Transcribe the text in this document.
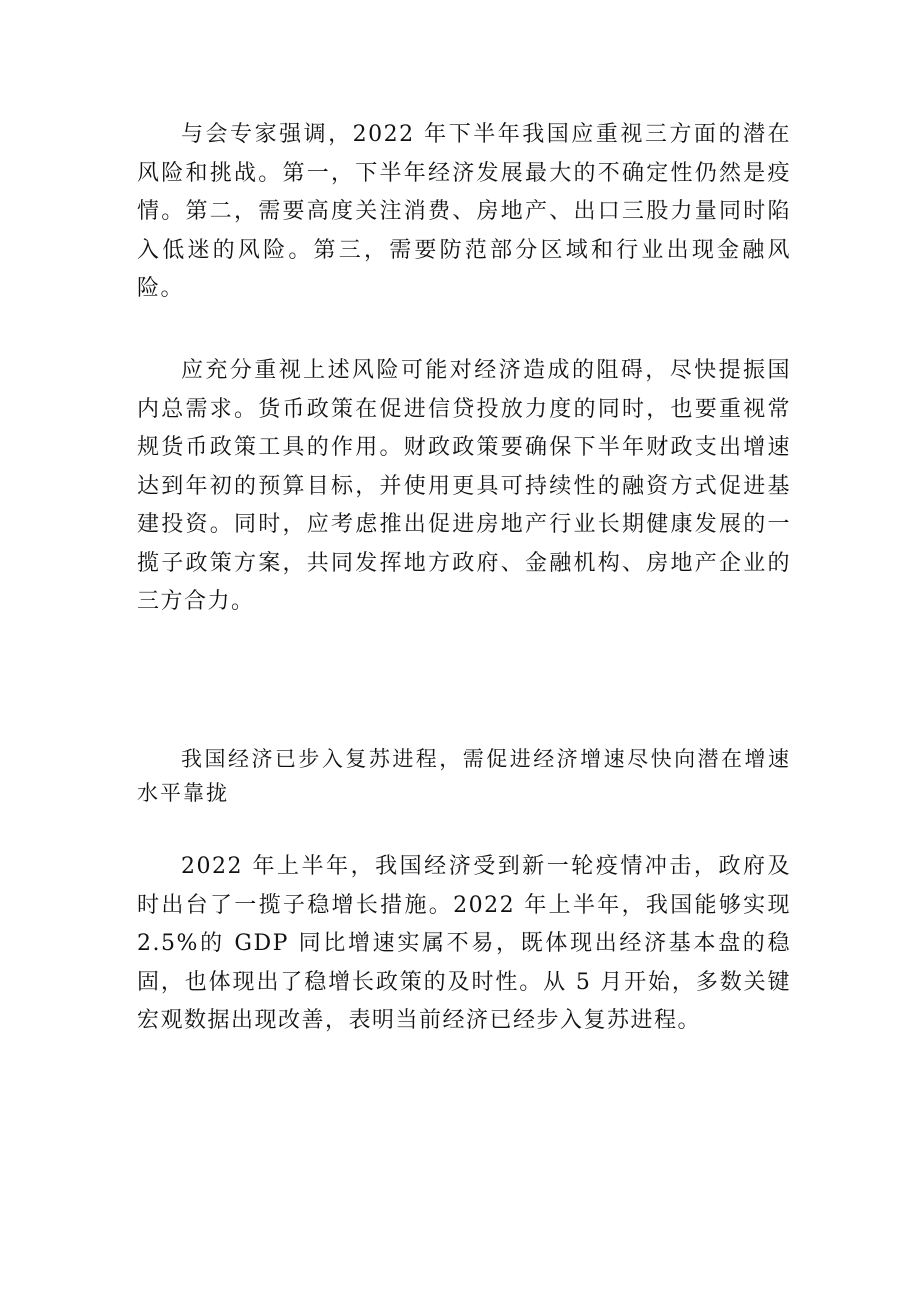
与会专家强调，2022 年下半年我国应重视三方面的潜在风险和挑战。第一，下半年经济发展最大的不确定性仍然是疫情。第二，需要高度关注消费、房地产、出口三股力量同时陷入低迷的风险。第三，需要防范部分区域和行业出现金融风险。

应充分重视上述风险可能对经济造成的阻碍，尽快提振国内总需求。货币政策在促进信贷投放力度的同时，也要重视常规货币政策工具的作用。财政政策要确保下半年财政支出增速达到年初的预算目标，并使用更具可持续性的融资方式促进基建投资。同时，应考虑推出促进房地产行业长期健康发展的一揽子政策方案，共同发挥地方政府、金融机构、房地产企业的三方合力。

我国经济已步入复苏进程，需促进经济增速尽快向潜在增速水平靠拢

2022 年上半年，我国经济受到新一轮疫情冲击，政府及时出台了一揽子稳增长措施。2022 年上半年，我国能够实现 2.5%的 GDP 同比增速实属不易，既体现出经济基本盘的稳固，也体现出了稳增长政策的及时性。从 5 月开始，多数关键宏观数据出现改善，表明当前经济已经步入复苏进程。
